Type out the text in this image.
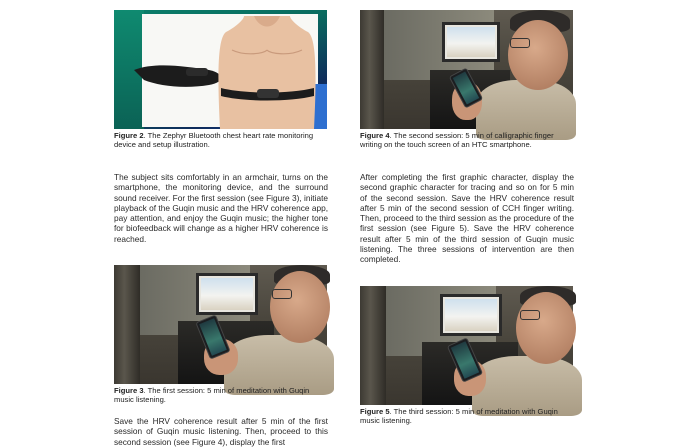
Figure 2. The Zephyr Bluetooth chest heart rate monitoring device and setup illustration.
Figure 4. The second session: 5 min of calligraphic finger writing on the touch screen of an HTC smartphone.

The subject sits comfortably in an armchair, turns on the smartphone, the monitoring device, and the surround sound receiver. For the first session (see Figure 3), initiate playback of the Guqin music and the HRV coherence app, pay attention, and enjoy the Guqin music; the higher tone for biofeedback will change as a higher HRV coherence is reached.

After completing the first graphic character, display the second graphic character for tracing and so on for 5 min of the second session. Save the HRV coherence result after 5 min of the second session of CCH finger writing. Then, proceed to the third session as the procedure of the first session (see Figure 5). Save the HRV coherence result after 5 min of the third session of Guqin music listening. The three sessions of intervention are then completed.

Figure 3. The first session: 5 min of meditation with Guqin music listening.

Save the HRV coherence result after 5 min of the first session of Guqin music listening. Then, proceed to this second session (see Figure 4), display the first

Figure 5. The third session: 5 min of meditation with Guqin music listening.
